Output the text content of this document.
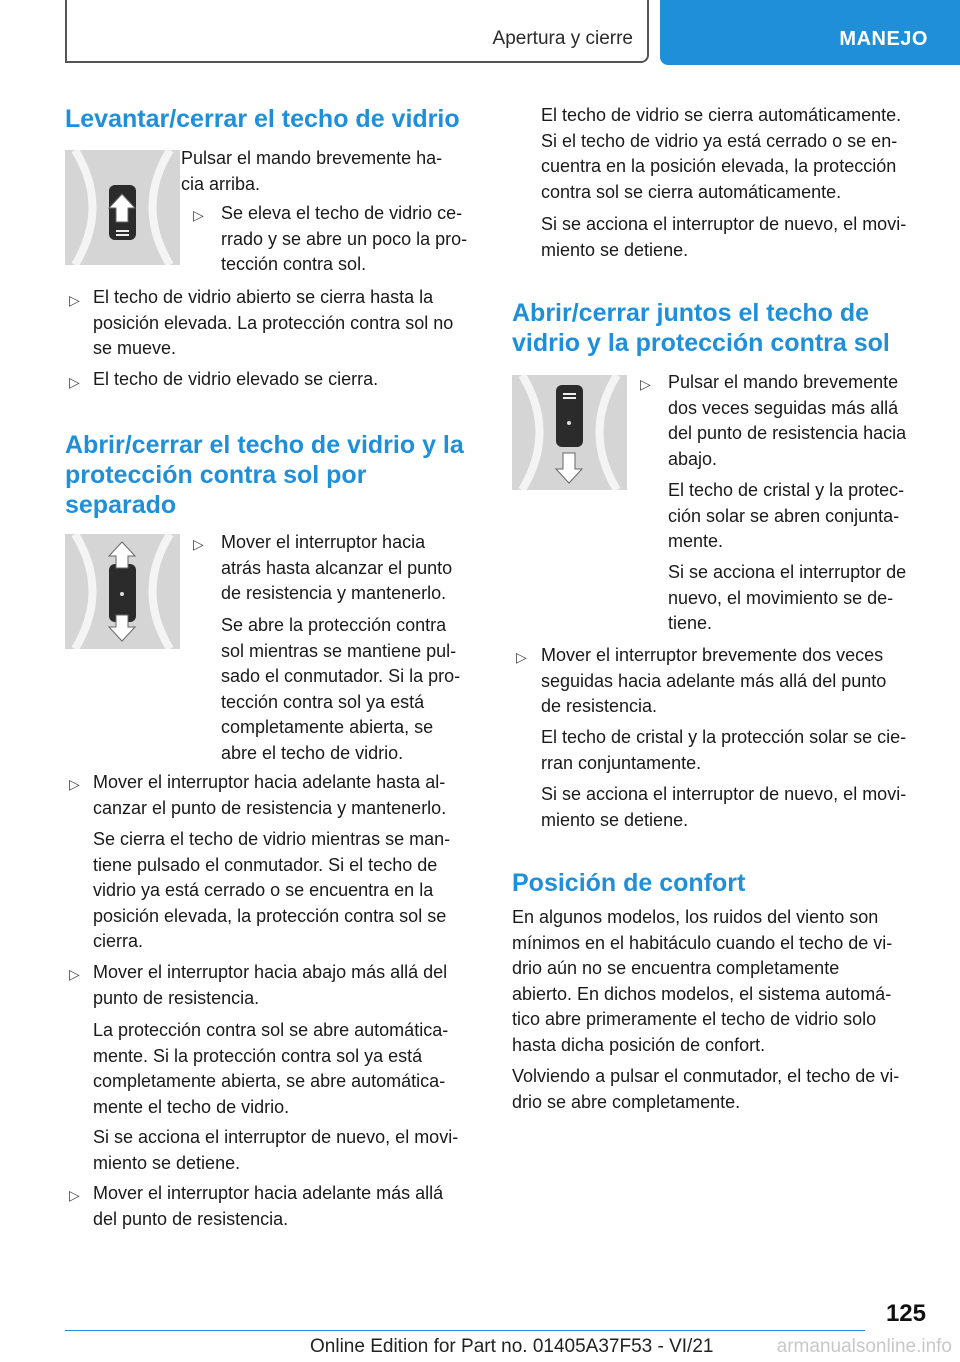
Apertura y cierre	MANEJO
Levantar/cerrar el techo de vidrio
Pulsar el mando brevemente ha-
cia arriba.
▷ Se eleva el techo de vidrio ce-
rrado y se abre un poco la pro-
tección contra sol.
▷ El techo de vidrio abierto se cierra hasta la
posición elevada. La protección contra sol no
se mueve.
▷ El techo de vidrio elevado se cierra.
Abrir/cerrar el techo de vidrio y la
protección contra sol por
separado
▷ Mover el interruptor hacia
atrás hasta alcanzar el punto
de resistencia y mantenerlo.
Se abre la protección contra
sol mientras se mantiene pul-
sado el conmutador. Si la pro-
tección contra sol ya está
completamente abierta, se
abre el techo de vidrio.
▷ Mover el interruptor hacia adelante hasta al-
canzar el punto de resistencia y mantenerlo.
Se cierra el techo de vidrio mientras se man-
tiene pulsado el conmutador. Si el techo de
vidrio ya está cerrado o se encuentra en la
posición elevada, la protección contra sol se
cierra.
▷ Mover el interruptor hacia abajo más allá del
punto de resistencia.
La protección contra sol se abre automática-
mente. Si la protección contra sol ya está
completamente abierta, se abre automática-
mente el techo de vidrio.
Si se acciona el interruptor de nuevo, el movi-
miento se detiene.
▷ Mover el interruptor hacia adelante más allá
del punto de resistencia.
El techo de vidrio se cierra automáticamente.
Si el techo de vidrio ya está cerrado o se en-
cuentra en la posición elevada, la protección
contra sol se cierra automáticamente.
Si se acciona el interruptor de nuevo, el movi-
miento se detiene.
Abrir/cerrar juntos el techo de
vidrio y la protección contra sol
▷ Pulsar el mando brevemente
dos veces seguidas más allá
del punto de resistencia hacia
abajo.
El techo de cristal y la protec-
ción solar se abren conjunta-
mente.
Si se acciona el interruptor de
nuevo, el movimiento se de-
tiene.
▷ Mover el interruptor brevemente dos veces
seguidas hacia adelante más allá del punto
de resistencia.
El techo de cristal y la protección solar se cie-
rran conjuntamente.
Si se acciona el interruptor de nuevo, el movi-
miento se detiene.
Posición de confort
En algunos modelos, los ruidos del viento son
mínimos en el habitáculo cuando el techo de vi-
drio aún no se encuentra completamente
abierto. En dichos modelos, el sistema automá-
tico abre primeramente el techo de vidrio solo
hasta dicha posición de confort.
Volviendo a pulsar el conmutador, el techo de vi-
drio se abre completamente.
125
Online Edition for Part no. 01405A37F53 - VI/21	armanualsonline.info
